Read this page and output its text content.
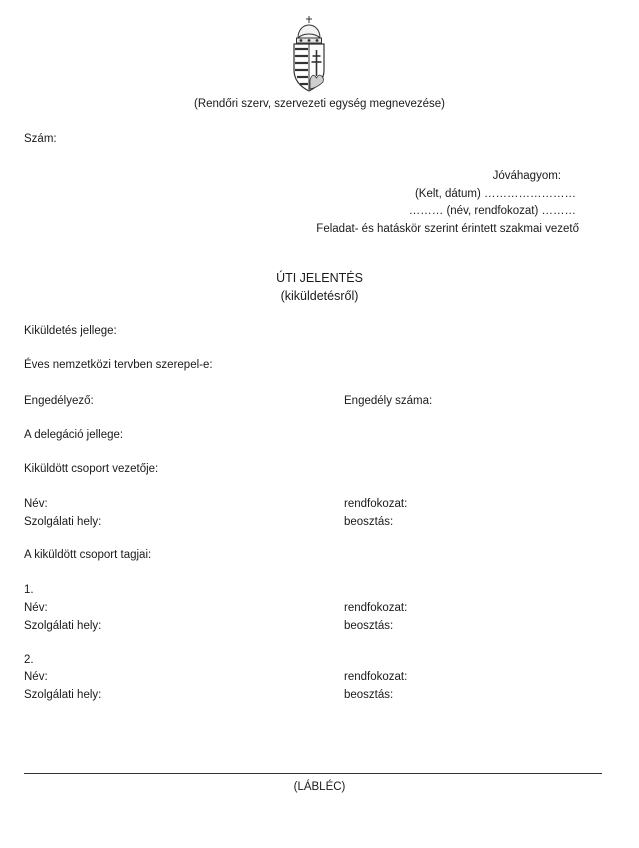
(Rendőri szerv, szervezeti egység megnevezése)
Szám:
Jóváhagyom:
(Kelt, dátum) ……………………
……… (név, rendfokozat) ………
Feladat- és hatáskör szerint érintett szakmai vezető
ÚTI JELENTÉS
(kiküldetésről)
Kiküldetés jellege:
Éves nemzetközi tervben szerepel-e:
Engedélyező:	Engedély száma:
A delegáció jellege:
Kiküldött csoport vezetője:
Név:	rendfokozat:
Szolgálati hely:	beosztás:
A kiküldött csoport tagjai:
1.
Név:	rendfokozat:
Szolgálati hely:	beosztás:
2.
Név:	rendfokozat:
Szolgálati hely:	beosztás:
(LÁBLÉC)
